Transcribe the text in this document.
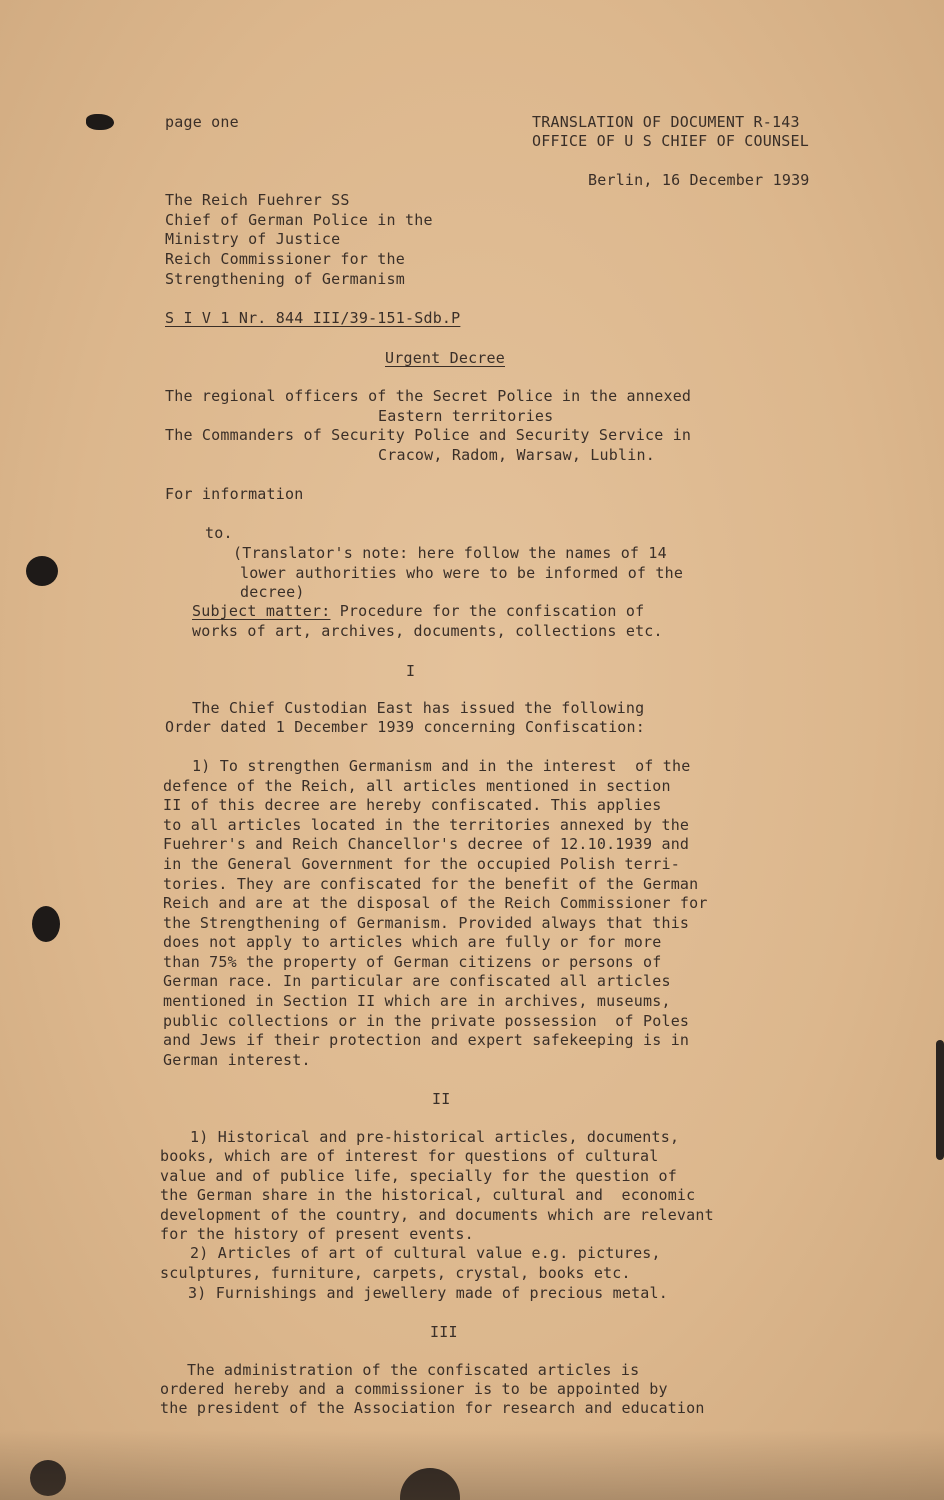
page one	TRANSLATION OF DOCUMENT R-143
OFFICE OF U S CHIEF OF COUNSEL
Berlin, 16 December 1939
The Reich Fuehrer SS
Chief of German Police in the
Ministry of Justice
Reich Commissioner for the
Strengthening of Germanism
S I V 1 Nr. 844 III/39-151-Sdb.P
Urgent Decree
The regional officers of the Secret Police in the annexed
Eastern territories
The Commanders of Security Police and Security Service in
Cracow, Radom, Warsaw, Lublin.
For information
to.
(Translator's note: here follow the names of 14
lower authorities who were to be informed of the
decree)
Subject matter: Procedure for the confiscation of
works of art, archives, documents, collections etc.
I
The Chief Custodian East has issued the following
Order dated 1 December 1939 concerning Confiscation:
1) To strengthen Germanism and in the interest  of the
defence of the Reich, all articles mentioned in section
II of this decree are hereby confiscated. This applies
to all articles located in the territories annexed by the
Fuehrer's and Reich Chancellor's decree of 12.10.1939 and
in the General Government for the occupied Polish terri-
tories. They are confiscated for the benefit of the German
Reich and are at the disposal of the Reich Commissioner for
the Strengthening of Germanism. Provided always that this
does not apply to articles which are fully or for more
than 75% the property of German citizens or persons of
German race. In particular are confiscated all articles
mentioned in Section II which are in archives, museums,
public collections or in the private possession  of Poles
and Jews if their protection and expert safekeeping is in
German interest.
II
1) Historical and pre-historical articles, documents,
books, which are of interest for questions of cultural
value and of publice life, specially for the question of
the German share in the historical, cultural and  economic
development of the country, and documents which are relevant
for the history of present events.
2) Articles of art of cultural value e.g. pictures,
sculptures, furniture, carpets, crystal, books etc.
3) Furnishings and jewellery made of precious metal.
III
The administration of the confiscated articles is
ordered hereby and a commissioner is to be appointed by
the president of the Association for research and education
